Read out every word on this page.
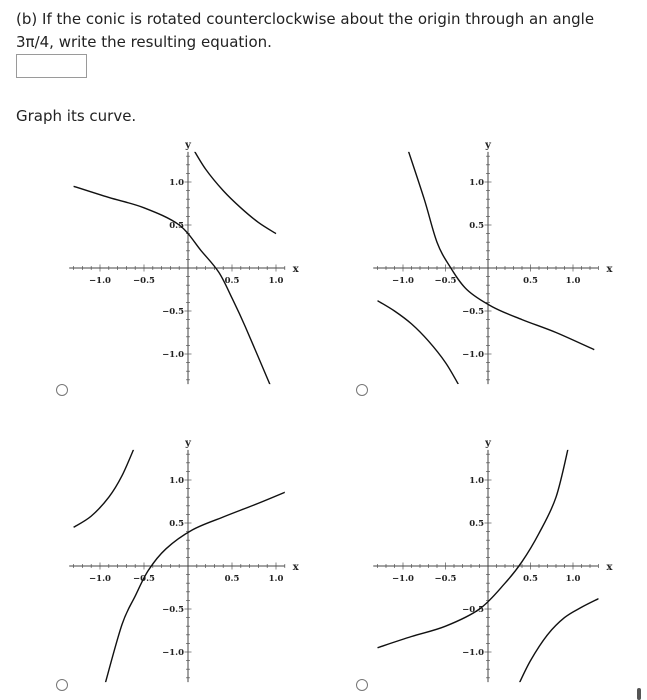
(b) If the conic is rotated counterclockwise about the origin through an angle
3π/4, write the resulting equation.
Graph its curve.
−1.0	−0.5	0.5	1.0
1.0
0.5
−0.5
−1.0
x
y
−1.0 −0.5	0.5	1.0
1.0
0.5
−0.5
−1.0
x
y
−1.0	−0.5	0.5	1.0
1.0
0.5
−0.5
−1.0
x
y
−1.0 −0.5	0.5	1.0
1.0
0.5
−0.5
−1.0
x
y
